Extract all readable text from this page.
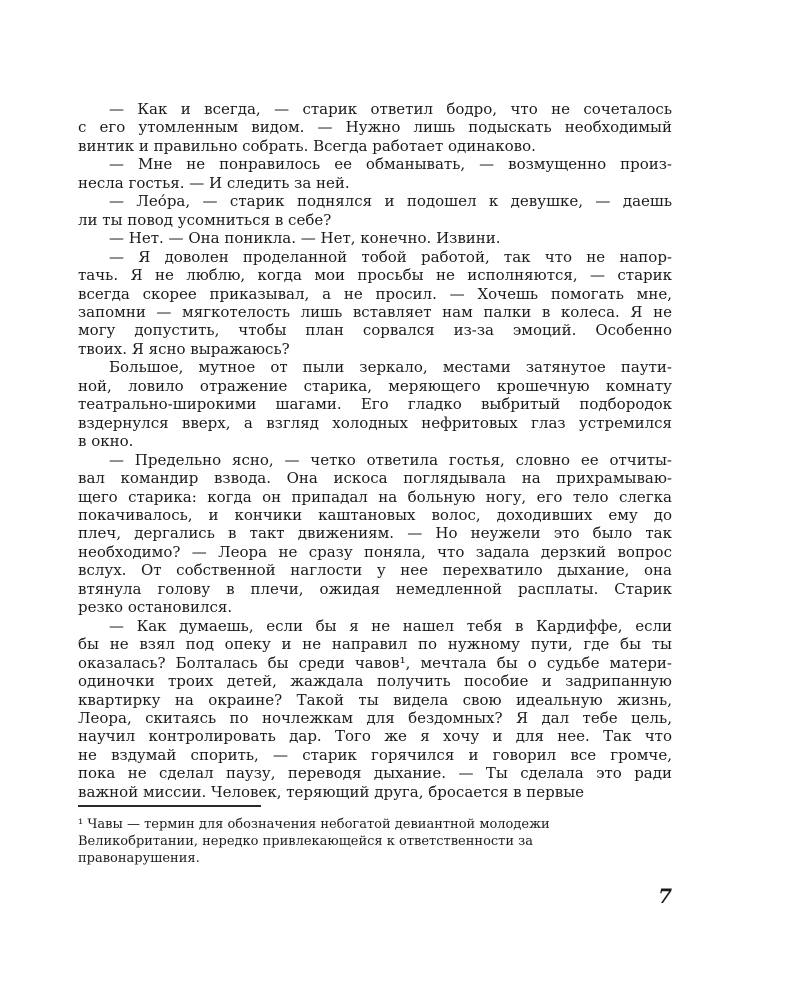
— Как и всегда, — старик ответил бодро, что не сочеталось
с его утомленным видом. — Нужно лишь подыскать необходимый
винтик и правильно собрать. Всегда работает одинаково.

— Мне не понравилось ее обманывать, — возмущенно произ-
несла гостья. — И следить за ней.

— Лео́ра, — старик поднялся и подошел к девушке, — даешь
ли ты повод усомниться в себе?

— Нет. — Она поникла. — Нет, конечно. Извини.

— Я доволен проделанной тобой работой, так что не напор-
тачь. Я не люблю, когда мои просьбы не исполняются, — старик
всегда скорее приказывал, а не просил. — Хочешь помогать мне,
запомни — мягкотелость лишь вставляет нам палки в колеса. Я не
могу допустить, чтобы план сорвался из-за эмоций. Особенно
твоих. Я ясно выражаюсь?

Большое, мутное от пыли зеркало, местами затянутое паути-
ной, ловило отражение старика, меряющего крошечную комнату
театрально-широкими шагами. Его гладко выбритый подбородок
вздернулся вверх, а взгляд холодных нефритовых глаз устремился
в окно.

— Предельно ясно, — четко ответила гостья, словно ее отчиты-
вал командир взвода. Она искоса поглядывала на прихрамываю-
щего старика: когда он припадал на больную ногу, его тело слегка
покачивалось, и кончики каштановых волос, доходивших ему до
плеч, дергались в такт движениям. — Но неужели это было так
необходимо? — Леора не сразу поняла, что задала дерзкий вопрос
вслух. От собственной наглости у нее перехватило дыхание, она
втянула голову в плечи, ожидая немедленной расплаты. Старик
резко остановился.

— Как думаешь, если бы я не нашел тебя в Кардиффе, если
бы не взял под опеку и не направил по нужному пути, где бы ты
оказалась? Болталась бы среди чавов¹, мечтала бы о судьбе матери-
одиночки троих детей, жаждала получить пособие и задрипанную
квартирку на окраине? Такой ты видела свою идеальную жизнь,
Леора, скитаясь по ночлежкам для бездомных? Я дал тебе цель,
научил контролировать дар. Того же я хочу и для нее. Так что
не вздумай спорить, — старик горячился и говорил все громче,
пока не сделал паузу, переводя дыхание. — Ты сделала это ради
важной миссии. Человек, теряющий друга, бросается в первые

¹ Чавы — термин для обозначения небогатой девиантной молодежи
Великобритании, нередко привлекающейся к ответственности за
правонарушения.
7
